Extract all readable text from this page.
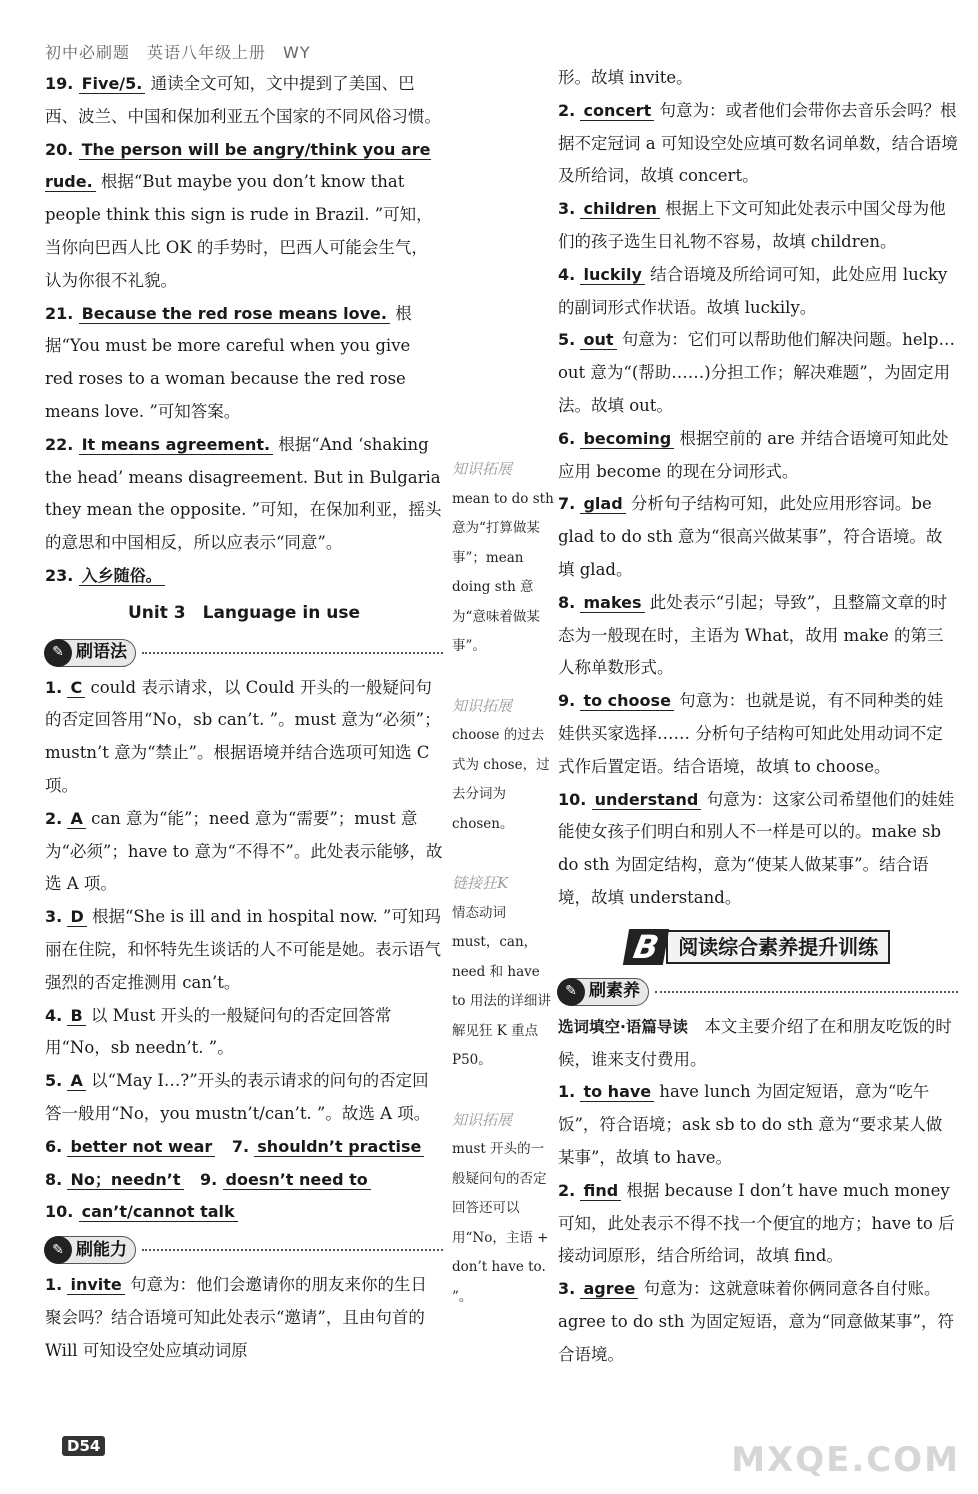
初中必刷题　英语八年级上册　WY

19. Five/5. 通读全文可知，文中提到了美国、巴西、波兰、中国和保加利亚五个国家的不同风俗习惯。

20. The person will be angry/think you are rude. 根据“But maybe you don’t know that people think this sign is rude in Brazil. ”可知，当你向巴西人比 OK 的手势时，巴西人可能会生气，认为你很不礼貌。

21. Because the red rose means love. 根据“You must be more careful when you give red roses to a woman because the red rose means love. ”可知答案。

22. It means agreement. 根据“And ‘shaking the head’ means disagreement. But in Bulgaria they mean the opposite. ”可知，在保加利亚，摇头的意思和中国相反，所以应表示“同意”。

23. 入乡随俗。

Unit 3　Language in use
✎ 刷语法

1. C could 表示请求，以 Could 开头的一般疑问句的否定回答用“No，sb can’t. ”。must 意为“必须”；mustn’t 意为“禁止”。根据语境并结合选项可知选 C 项。

2. A can 意为“能”；need 意为“需要”；must 意为“必须”；have to 意为“不得不”。此处表示能够，故选 A 项。

3. D 根据“She is ill and in hospital now. ”可知玛丽在住院，和怀特先生谈话的人不可能是她。表示语气强烈的否定推测用 can’t。

4. B 以 Must 开头的一般疑问句的否定回答常用“No，sb needn’t. ”。

5. A 以“May I…?”开头的表示请求的问句的否定回答一般用“No，you mustn’t/can’t. ”。故选 A 项。

6. better not wear　 7. shouldn’t practise

8. No；needn’t　 9. doesn’t need to

10. can’t/cannot talk

✎ 刷能力

1. invite 句意为：他们会邀请你的朋友来你的生日聚会吗？结合语境可知此处表示“邀请”，且由句首的 Will 可知设空处应填动词原

知识拓展
mean to do sth 意为“打算做某事”；mean doing sth 意为“意味着做某事”。
知识拓展
choose 的过去式为 chose，过去分词为 chosen。
链接狂K
情态动词 must，can，need 和 have to 用法的详细讲解见狂 K 重点 P50。
知识拓展
must 开头的一般疑问句的否定回答还可以用“No，主语 + don’t have to. ”。

形。故填 invite。

2. concert 句意为：或者他们会带你去音乐会吗？根据不定冠词 a 可知设空处应填可数名词单数，结合语境及所给词，故填 concert。

3. children 根据上下文可知此处表示中国父母为他们的孩子选生日礼物不容易，故填 children。

4. luckily 结合语境及所给词可知，此处应用 lucky 的副词形式作状语。故填 luckily。

5. out 句意为：它们可以帮助他们解决问题。help… out 意为“(帮助……)分担工作；解决难题”，为固定用法。故填 out。

6. becoming 根据空前的 are 并结合语境可知此处应用 become 的现在分词形式。

7. glad 分析句子结构可知，此处应用形容词。be glad to do sth 意为“很高兴做某事”，符合语境。故填 glad。

8. makes 此处表示“引起；导致”，且整篇文章的时态为一般现在时，主语为 What，故用 make 的第三人称单数形式。

9. to choose 句意为：也就是说，有不同种类的娃娃供买家选择…… 分析句子结构可知此处用动词不定式作后置定语。结合语境，故填 to choose。

10. understand 句意为：这家公司希望他们的娃娃能使女孩子们明白和别人不一样是可以的。make sb do sth 为固定结构，意为“使某人做某事”。结合语境，故填 understand。

B 阅读综合素养提升训练
✎ 刷素养

选词填空·语篇导读　本文主要介绍了在和朋友吃饭的时候，谁来支付费用。

1. to have have lunch 为固定短语，意为“吃午饭”，符合语境；ask sb to do sth 意为“要求某人做某事”，故填 to have。

2. find 根据 because I don’t have much money 可知，此处表示不得不找一个便宜的地方；have to 后接动词原形，结合所给词，故填 find。

3. agree 句意为：这就意味着你俩同意各自付账。agree to do sth 为固定短语，意为“同意做某事”，符合语境。

D54	MXQE.COM
